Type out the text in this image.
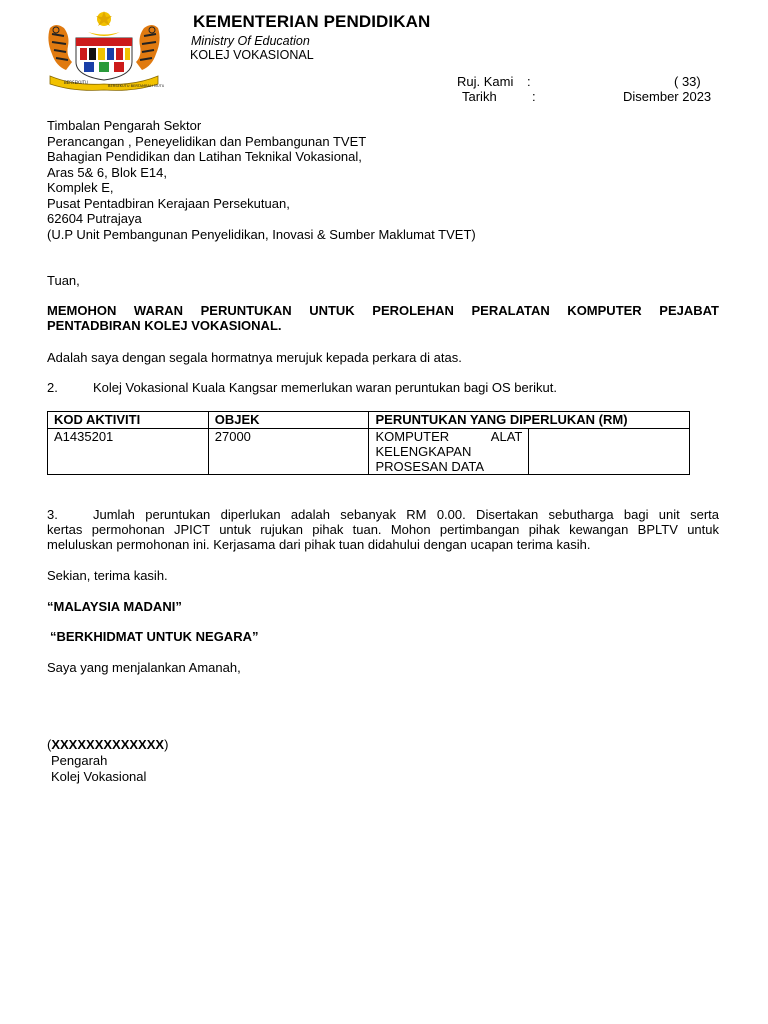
BERSEKUTU
BERSEKUTU BERTAMBAH MUTU
KEMENTERIAN PENDIDIKAN
Ministry Of Education
KOLEJ VOKASIONAL
Ruj. Kami :	( 33)
Tarikh	:	Disember 2023
Timbalan Pengarah Sektor
Perancangan , Peneyelidikan dan Pembangunan TVET
Bahagian Pendidikan dan Latihan Teknikal Vokasional,
Aras 5& 6, Blok E14,
Komplek E,
Pusat Pentadbiran Kerajaan Persekutuan,
62604 Putrajaya
(U.P Unit Pembangunan Penyelidikan, Inovasi & Sumber Maklumat TVET)
Tuan,
MEMOHON WARAN PERUNTUKAN UNTUK PEROLEHAN PERALATAN KOMPUTER PEJABAT
PENTADBIRAN KOLEJ VOKASIONAL.
Adalah saya dengan segala hormatnya merujuk kepada perkara di atas.
2.	Kolej Vokasional Kuala Kangsar memerlukan waran peruntukan bagi OS berikut.
KOD AKTIVITI	OBJEK	PERUNTUKAN YANG DIPERLUKAN (RM)	
A1435201	27000	KOMPUTER ALAT
KELENGKAPAN
PROSESAN DATA	

3.	Jumlah peruntukan diperlukan adalah sebanyak RM 0.00. Disertakan sebutharga bagi unit serta
kertas permohonan JPICT untuk rujukan pihak tuan. Mohon pertimbangan pihak kewangan BPLTV untuk
meluluskan permohonan ini. Kerjasama dari pihak tuan didahului dengan ucapan terima kasih.
Sekian, terima kasih.
“MALAYSIA MADANI”
“BERKHIDMAT UNTUK NEGARA”
Saya yang menjalankan Amanah,
(XXXXXXXXXXXXX)
Pengarah
Kolej Vokasional
